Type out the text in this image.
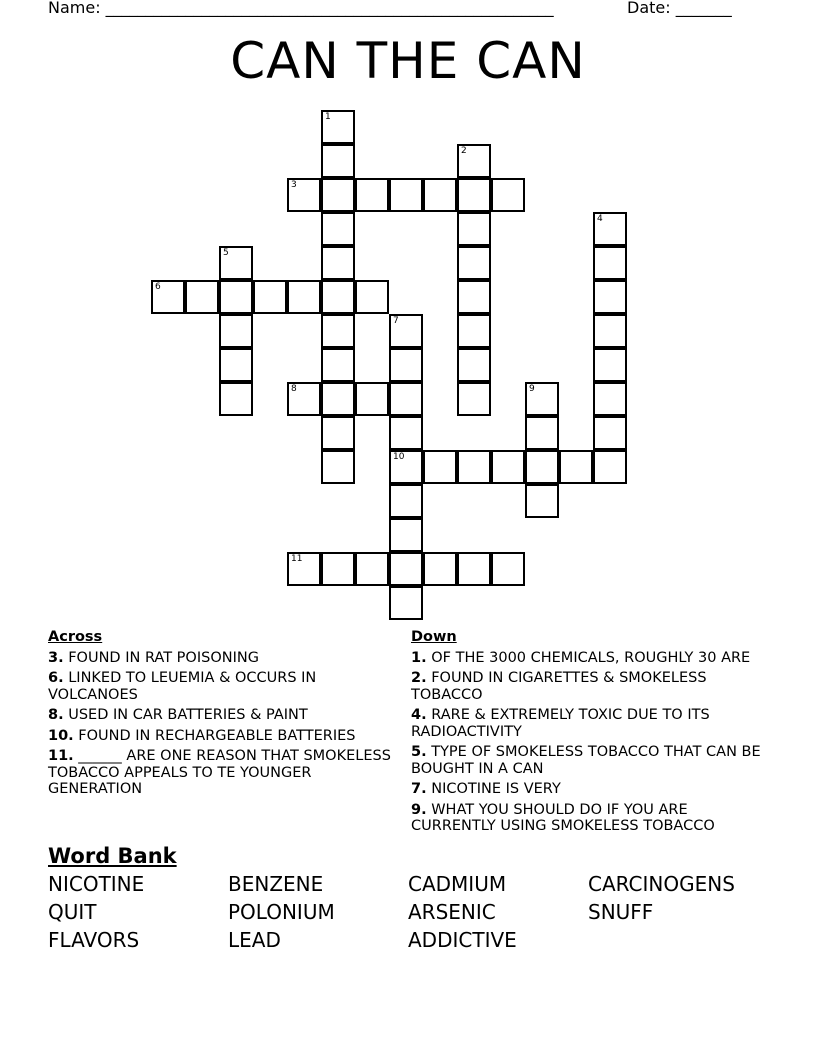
Name: ________________________________________________________	Date: _______
CAN THE CAN
1
2
3
4
5
6
7
10
8	9
11
Across
3. FOUND IN RAT POISONING
6. LINKED TO LEUEMIA & OCCURS IN VOLCANOES
8. USED IN CAR BATTERIES & PAINT
10. FOUND IN RECHARGEABLE BATTERIES
11. ______ ARE ONE REASON THAT SMOKELESS TOBACCO APPEALS TO TE YOUNGER GENERATION
Down
1. OF THE 3000 CHEMICALS, ROUGHLY 30 ARE
2. FOUND IN CIGARETTES & SMOKELESS TOBACCO
4. RARE & EXTREMELY TOXIC DUE TO ITS RADIOACTIVITY
5. TYPE OF SMOKELESS TOBACCO THAT CAN BE BOUGHT IN A CAN
7. NICOTINE IS VERY
9. WHAT YOU SHOULD DO IF YOU ARE CURRENTLY USING SMOKELESS TOBACCO
Word Bank
NICOTINE	BENZENE	CADMIUM	CARCINOGENS
QUIT	POLONIUM	ARSENIC	SNUFF
FLAVORS	LEAD	ADDICTIVE
